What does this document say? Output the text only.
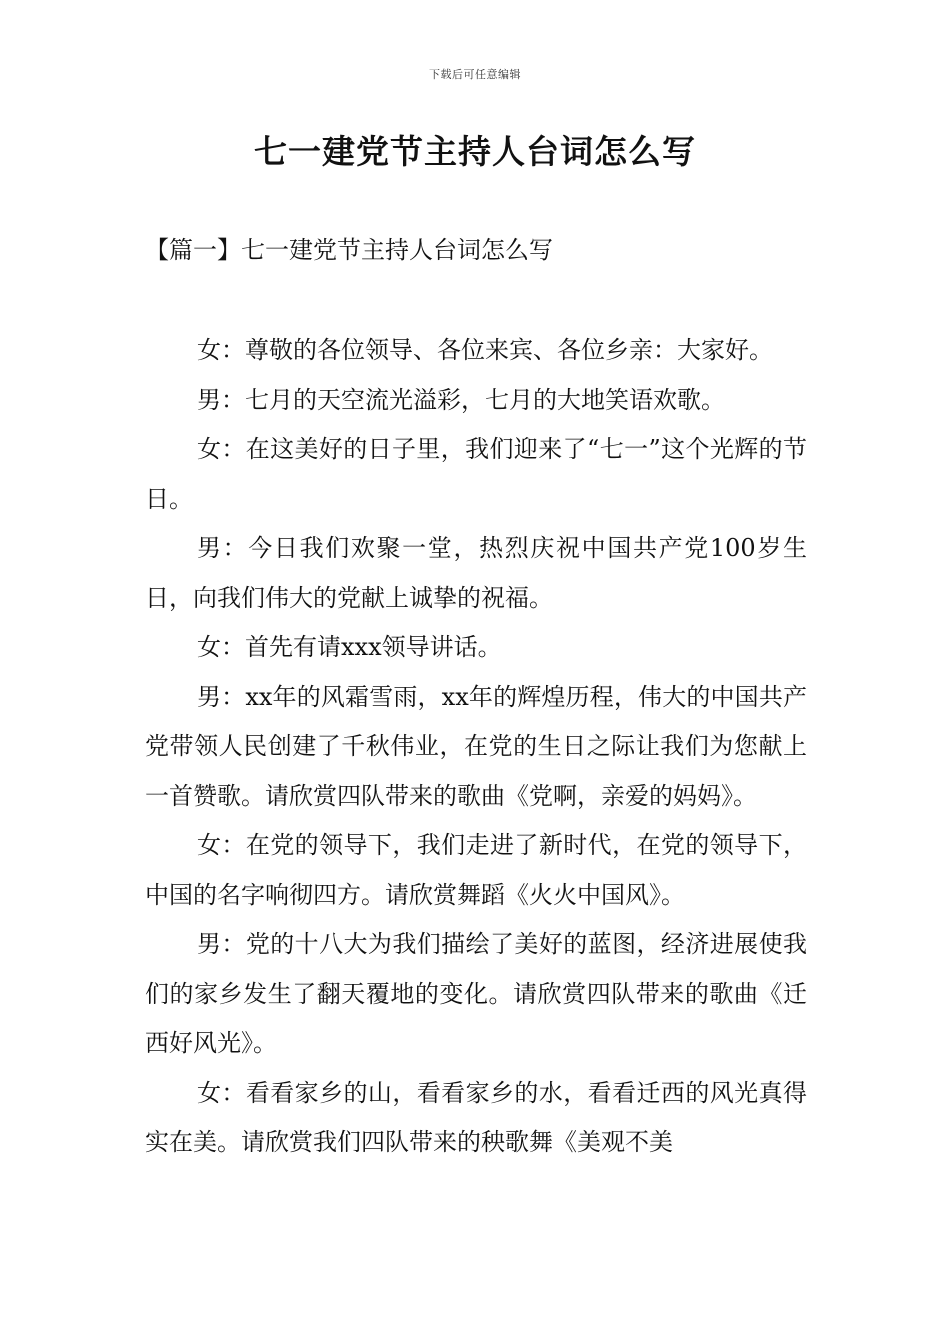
下载后可任意编辑
七一建党节主持人台词怎么写
【篇一】七一建党节主持人台词怎么写

女：尊敬的各位领导、各位来宾、各位乡亲：大家好。

男：七月的天空流光溢彩，七月的大地笑语欢歌。

女：在这美好的日子里，我们迎来了“七一”这个光辉的节日。

男：今日我们欢聚一堂，热烈庆祝中国共产党100岁生日，向我们伟大的党献上诚挚的祝福。

女：首先有请xxx领导讲话。

男：xx年的风霜雪雨，xx年的辉煌历程，伟大的中国共产党带领人民创建了千秋伟业，在党的生日之际让我们为您献上一首赞歌。请欣赏四队带来的歌曲《党啊，亲爱的妈妈》。

女：在党的领导下，我们走进了新时代，在党的领导下，中国的名字响彻四方。请欣赏舞蹈《火火中国风》。

男：党的十八大为我们描绘了美好的蓝图，经济进展使我们的家乡发生了翻天覆地的变化。请欣赏四队带来的歌曲《迁西好风光》。

女：看看家乡的山，看看家乡的水，看看迁西的风光真得实在美。请欣赏我们四队带来的秧歌舞《美观不美
